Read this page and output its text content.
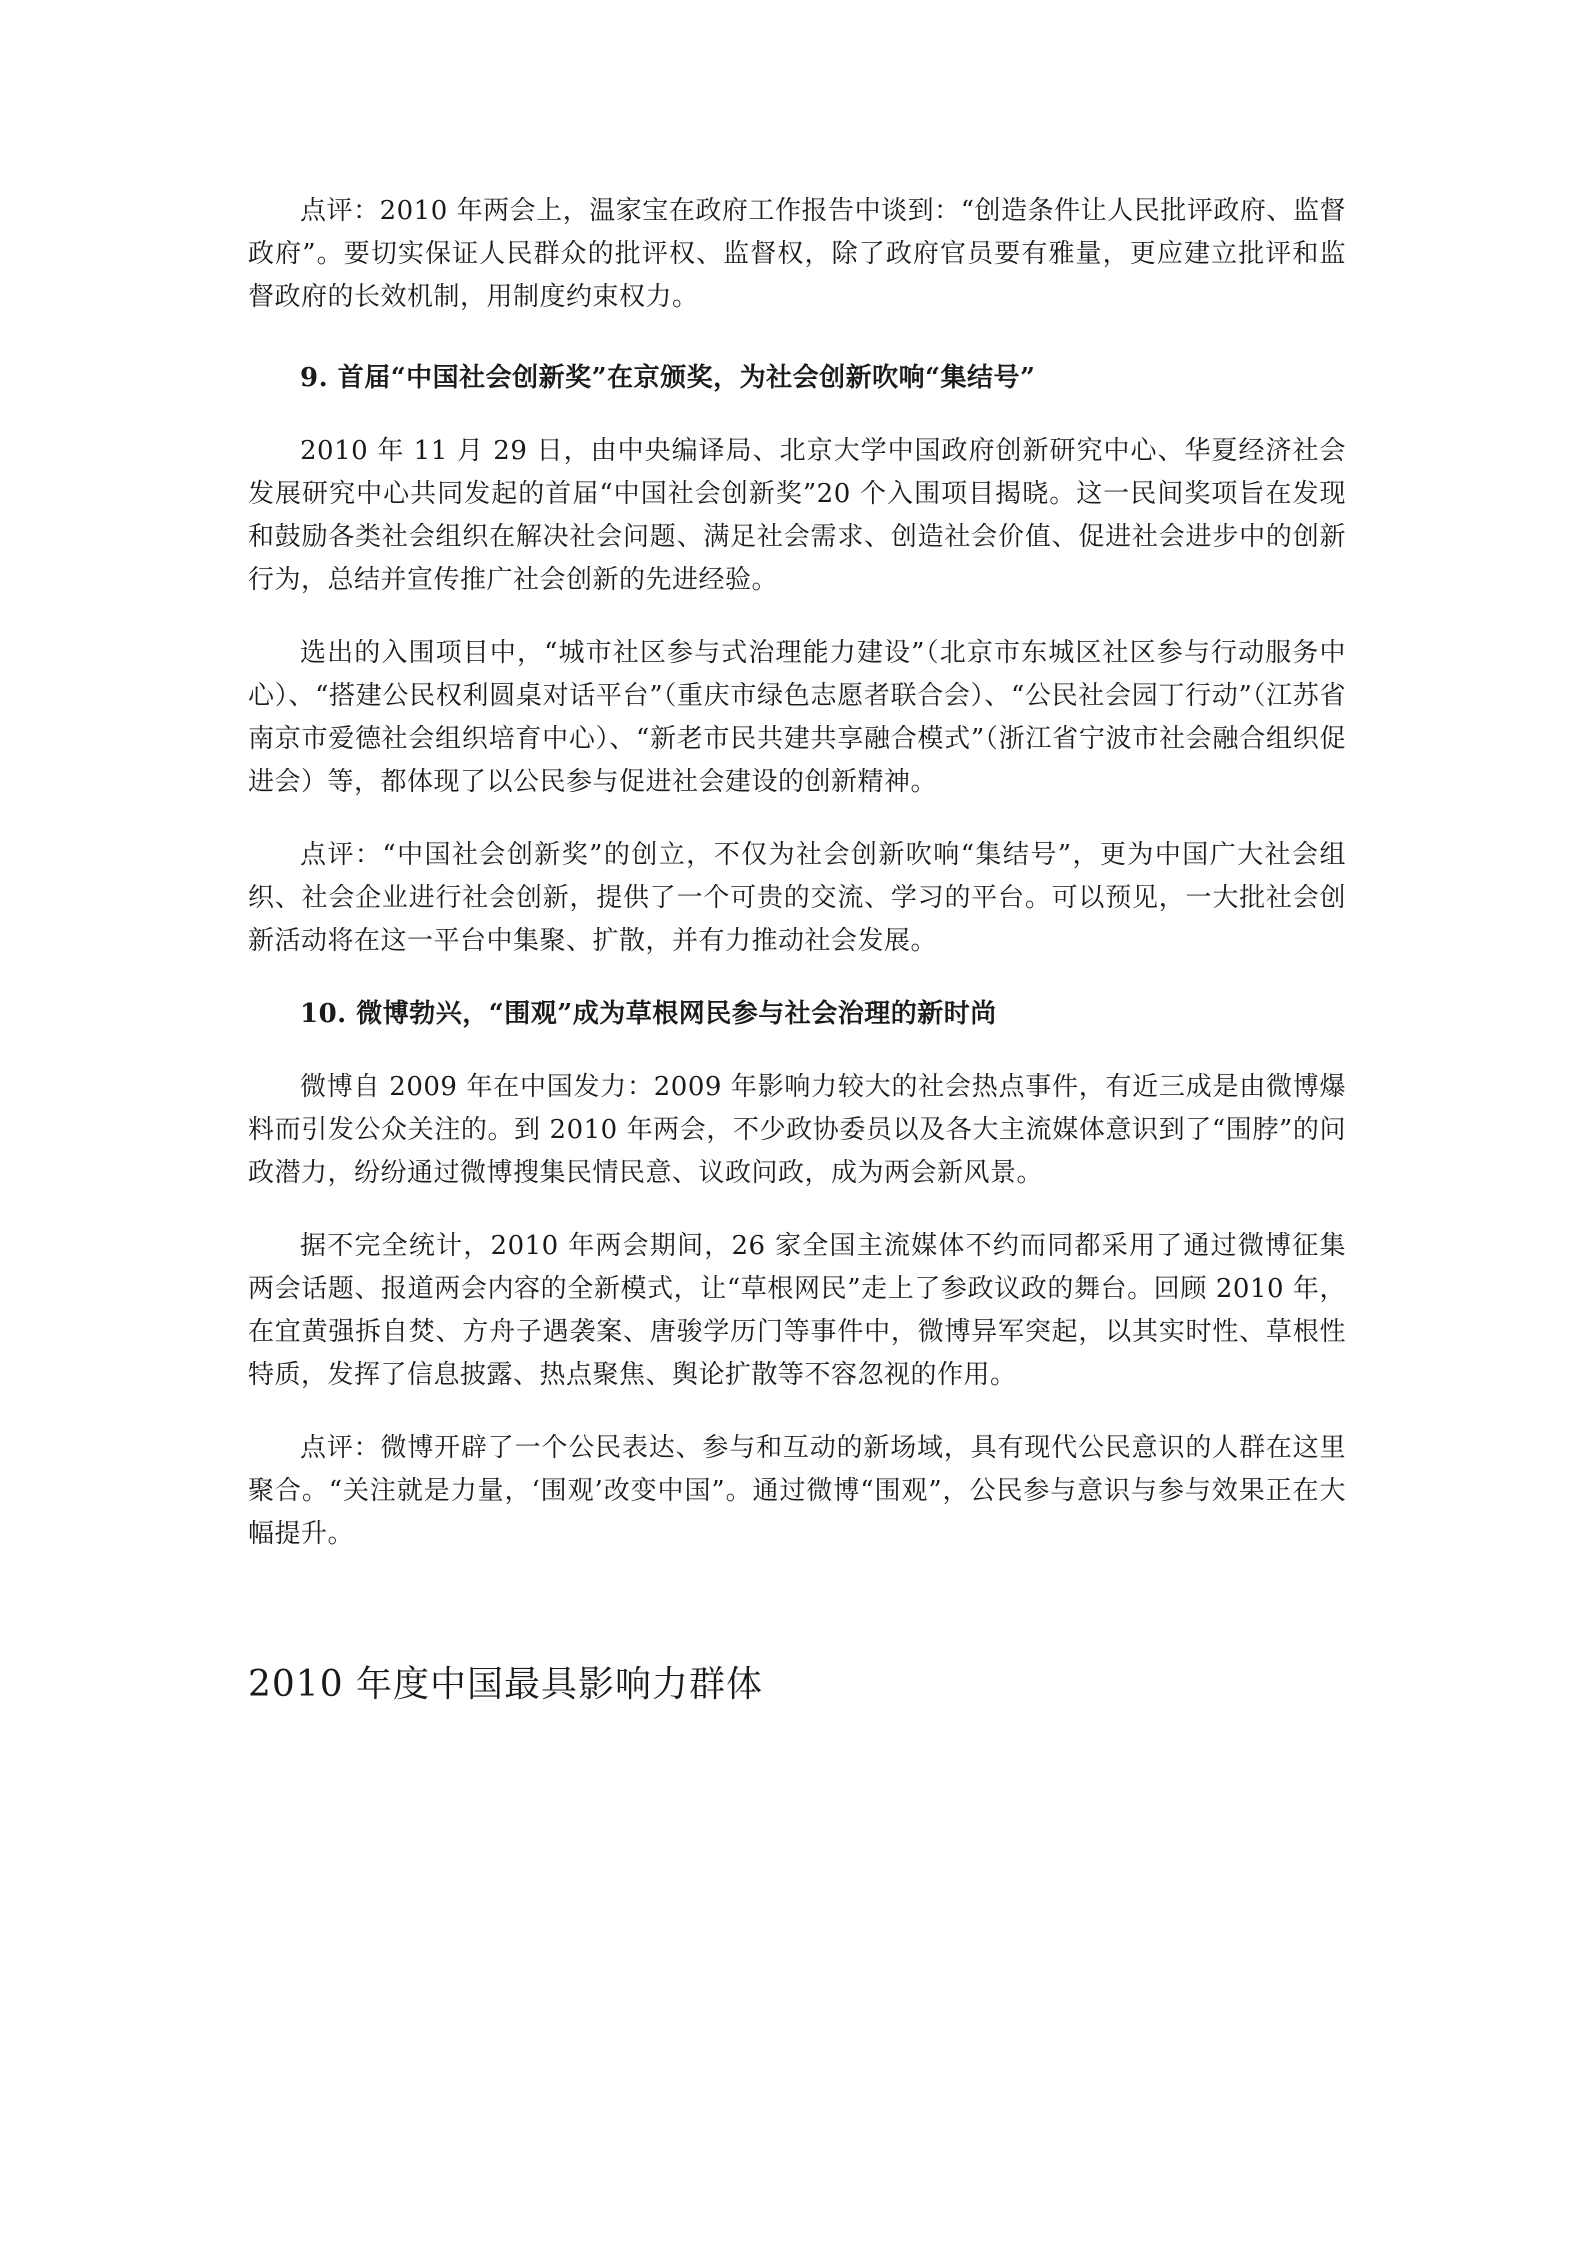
点评：2010 年两会上，温家宝在政府工作报告中谈到：“创造条件让人民批评政府、监督政府”。要切实保证人民群众的批评权、监督权，除了政府官员要有雅量，更应建立批评和监督政府的长效机制，用制度约束权力。

9. 首届“中国社会创新奖”在京颁奖，为社会创新吹响“集结号”

2010 年 11 月 29 日，由中央编译局、北京大学中国政府创新研究中心、华夏经济社会发展研究中心共同发起的首届“中国社会创新奖”20 个入围项目揭晓。这一民间奖项旨在发现和鼓励各类社会组织在解决社会问题、满足社会需求、创造社会价值、促进社会进步中的创新行为，总结并宣传推广社会创新的先进经验。

选出的入围项目中，“城市社区参与式治理能力建设”（北京市东城区社区参与行动服务中心）、“搭建公民权利圆桌对话平台”（重庆市绿色志愿者联合会）、“公民社会园丁行动”（江苏省南京市爱德社会组织培育中心）、“新老市民共建共享融合模式”（浙江省宁波市社会融合组织促进会）等，都体现了以公民参与促进社会建设的创新精神。

点评：“中国社会创新奖”的创立，不仅为社会创新吹响“集结号”，更为中国广大社会组织、社会企业进行社会创新，提供了一个可贵的交流、学习的平台。可以预见，一大批社会创新活动将在这一平台中集聚、扩散，并有力推动社会发展。

10. 微博勃兴，“围观”成为草根网民参与社会治理的新时尚

微博自 2009 年在中国发力：2009 年影响力较大的社会热点事件，有近三成是由微博爆料而引发公众关注的。到 2010 年两会，不少政协委员以及各大主流媒体意识到了“围脖”的问政潜力，纷纷通过微博搜集民情民意、议政问政，成为两会新风景。

据不完全统计，2010 年两会期间，26 家全国主流媒体不约而同都采用了通过微博征集两会话题、报道两会内容的全新模式，让“草根网民”走上了参政议政的舞台。回顾 2010 年，在宜黄强拆自焚、方舟子遇袭案、唐骏学历门等事件中，微博异军突起，以其实时性、草根性特质，发挥了信息披露、热点聚焦、舆论扩散等不容忽视的作用。

点评：微博开辟了一个公民表达、参与和互动的新场域，具有现代公民意识的人群在这里聚合。“关注就是力量，‘围观’改变中国”。通过微博“围观”，公民参与意识与参与效果正在大幅提升。

2010 年度中国最具影响力群体
